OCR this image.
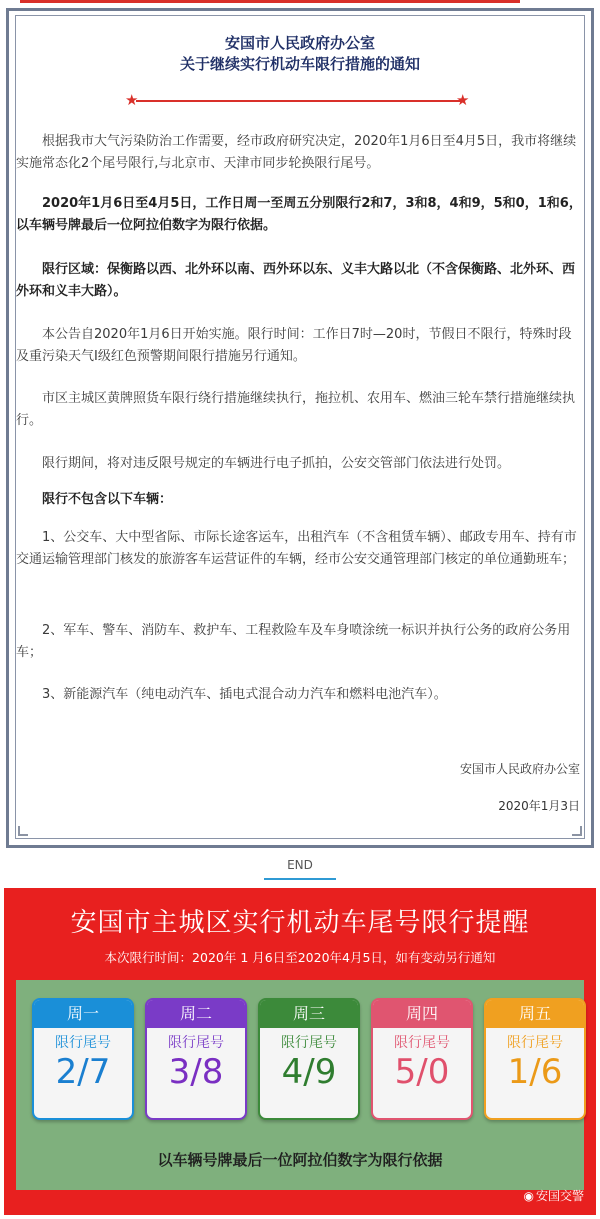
安国市人民政府办公室
关于继续实行机动车限行措施的通知
★	★

根据我市大气污染防治工作需要，经市政府研究决定，2020年1月6日至4月5日，我市将继续实施常态化2个尾号限行,与北京市、天津市同步轮换限行尾号。

2020年1月6日至4月5日，工作日周一至周五分别限行2和7，3和8，4和9，5和0，1和6，以车辆号牌最后一位阿拉伯数字为限行依据。

限行区域：保衡路以西、北外环以南、西外环以东、义丰大路以北（不含保衡路、北外环、西外环和义丰大路）。

本公告自2020年1月6日开始实施。限行时间：工作日7时—20时，节假日不限行，特殊时段及重污染天气I级红色预警期间限行措施另行通知。

市区主城区黄牌照货车限行绕行措施继续执行，拖拉机、农用车、燃油三轮车禁行措施继续执行。

限行期间，将对违反限号规定的车辆进行电子抓拍，公安交管部门依法进行处罚。

限行不包含以下车辆：

1、公交车、大中型省际、市际长途客运车，出租汽车（不含租赁车辆）、邮政专用车、持有市交通运输管理部门核发的旅游客车运营证件的车辆，经市公安交通管理部门核定的单位通勤班车；

2、军车、警车、消防车、救护车、工程救险车及车身喷涂统一标识并执行公务的政府公务用车；

3、新能源汽车（纯电动汽车、插电式混合动力汽车和燃料电池汽车）。

安国市人民政府办公室
2020年1月3日
END
安国市主城区实行机动车尾号限行提醒
本次限行时间：2020年 1 月6日至2020年4月5日，如有变动另行通知
周一
限行尾号
2/7
周二
限行尾号
3/8
周三
限行尾号
4/9
周四
限行尾号
5/0
周五
限行尾号
1/6
以车辆号牌最后一位阿拉伯数字为限行依据
◉ 安国交警
